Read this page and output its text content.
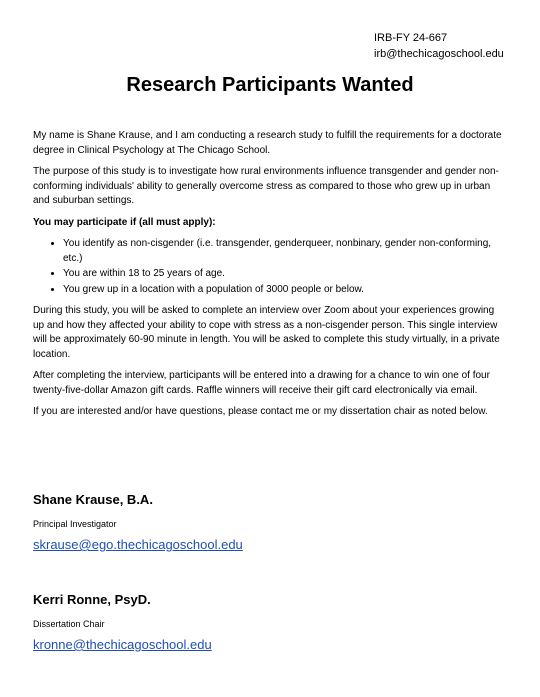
IRB-FY 24-667
irb@thechicagoschool.edu
Research Participants Wanted

My name is Shane Krause, and I am conducting a research study to fulfill the requirements for a doctorate degree in Clinical Psychology at The Chicago School.

The purpose of this study is to investigate how rural environments influence transgender and gender non-conforming individuals' ability to generally overcome stress as compared to those who grew up in urban and suburban settings.

You may participate if (all must apply):

• You identify as non-cisgender (i.e. transgender, genderqueer, nonbinary, gender non-conforming, etc.)
• You are within 18 to 25 years of age.
• You grew up in a location with a population of 3000 people or below.

During this study, you will be asked to complete an interview over Zoom about your experiences growing up and how they affected your ability to cope with stress as a non-cisgender person. This single interview will be approximately 60-90 minute in length. You will be asked to complete this study virtually, in a private location.

After completing the interview, participants will be entered into a drawing for a chance to win one of four twenty-five-dollar Amazon gift cards. Raffle winners will receive their gift card electronically via email.

If you are interested and/or have questions, please contact me or my dissertation chair as noted below.

Shane Krause, B.A.
Principal Investigator
skrause@ego.thechicagoschool.edu
Kerri Ronne, PsyD.
Dissertation Chair
kronne@thechicagoschool.edu
